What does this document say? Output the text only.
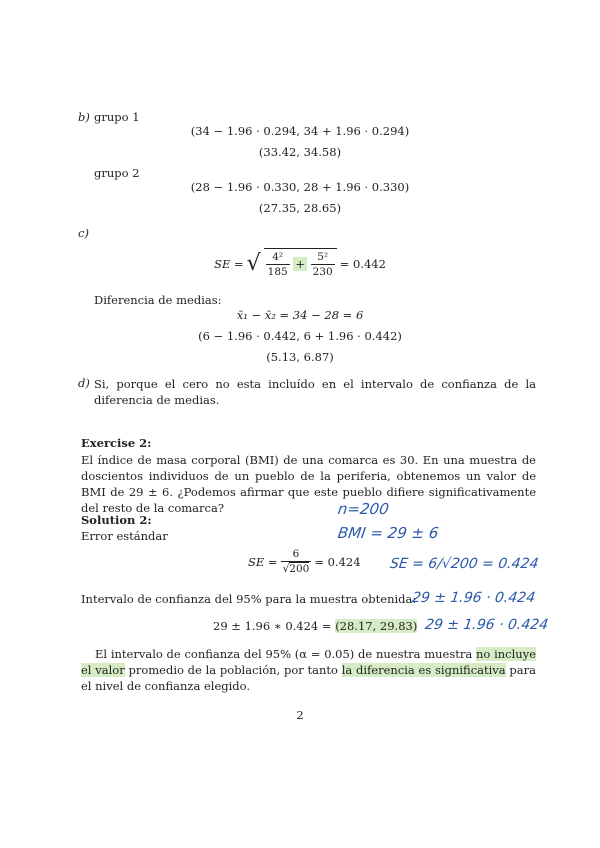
b) grupo 1
(34 − 1.96 · 0.294, 34 + 1.96 · 0.294)
(33.42, 34.58)
grupo 2
(28 − 1.96 · 0.330, 28 + 1.96 · 0.330)
(27.35, 28.65)
c)
SE = √ $\frac{\text{4²}}{185} + \frac{\text{5²}}{230} = 0.442$
Diferencia de medias:
x̄₁ − x̄₂ = 34 − 28 = 6
(6 − 1.96 · 0.442, 6 + 1.96 · 0.442)
(5.13, 6.87)
d) Si, porque el cero no esta incluído en el intervalo de confianza de la diferencia de medias.
Exercise 2:
El índice de masa corporal (BMI) de una comarca es 30. En una muestra de doscientos individuos de un pueblo de la periferia, obtenemos un valor de BMI de 29 ± 6. ¿Podemos afirmar que este pueblo difiere significativamente del resto de la comarca?
Solution 2:
Error estándar
SE = $\frac{6}{√200} = 0.424$
Intervalo de confianza del 95% para la muestra obtenida:
29 ± 1.96 ∗ 0.424 = (28.17, 29.83)
El intervalo de confianza del 95% (α = 0.05) de nuestra muestra no incluye el valor promedio de la población, por tanto la diferencia es significativa para el nivel de confianza elegido.
n=200
BMI = 29 ± 6
SE = 6/√200 = 0.424
29 ± 1.96 · 0.424
29 ± 1.96 · 0.424
2
